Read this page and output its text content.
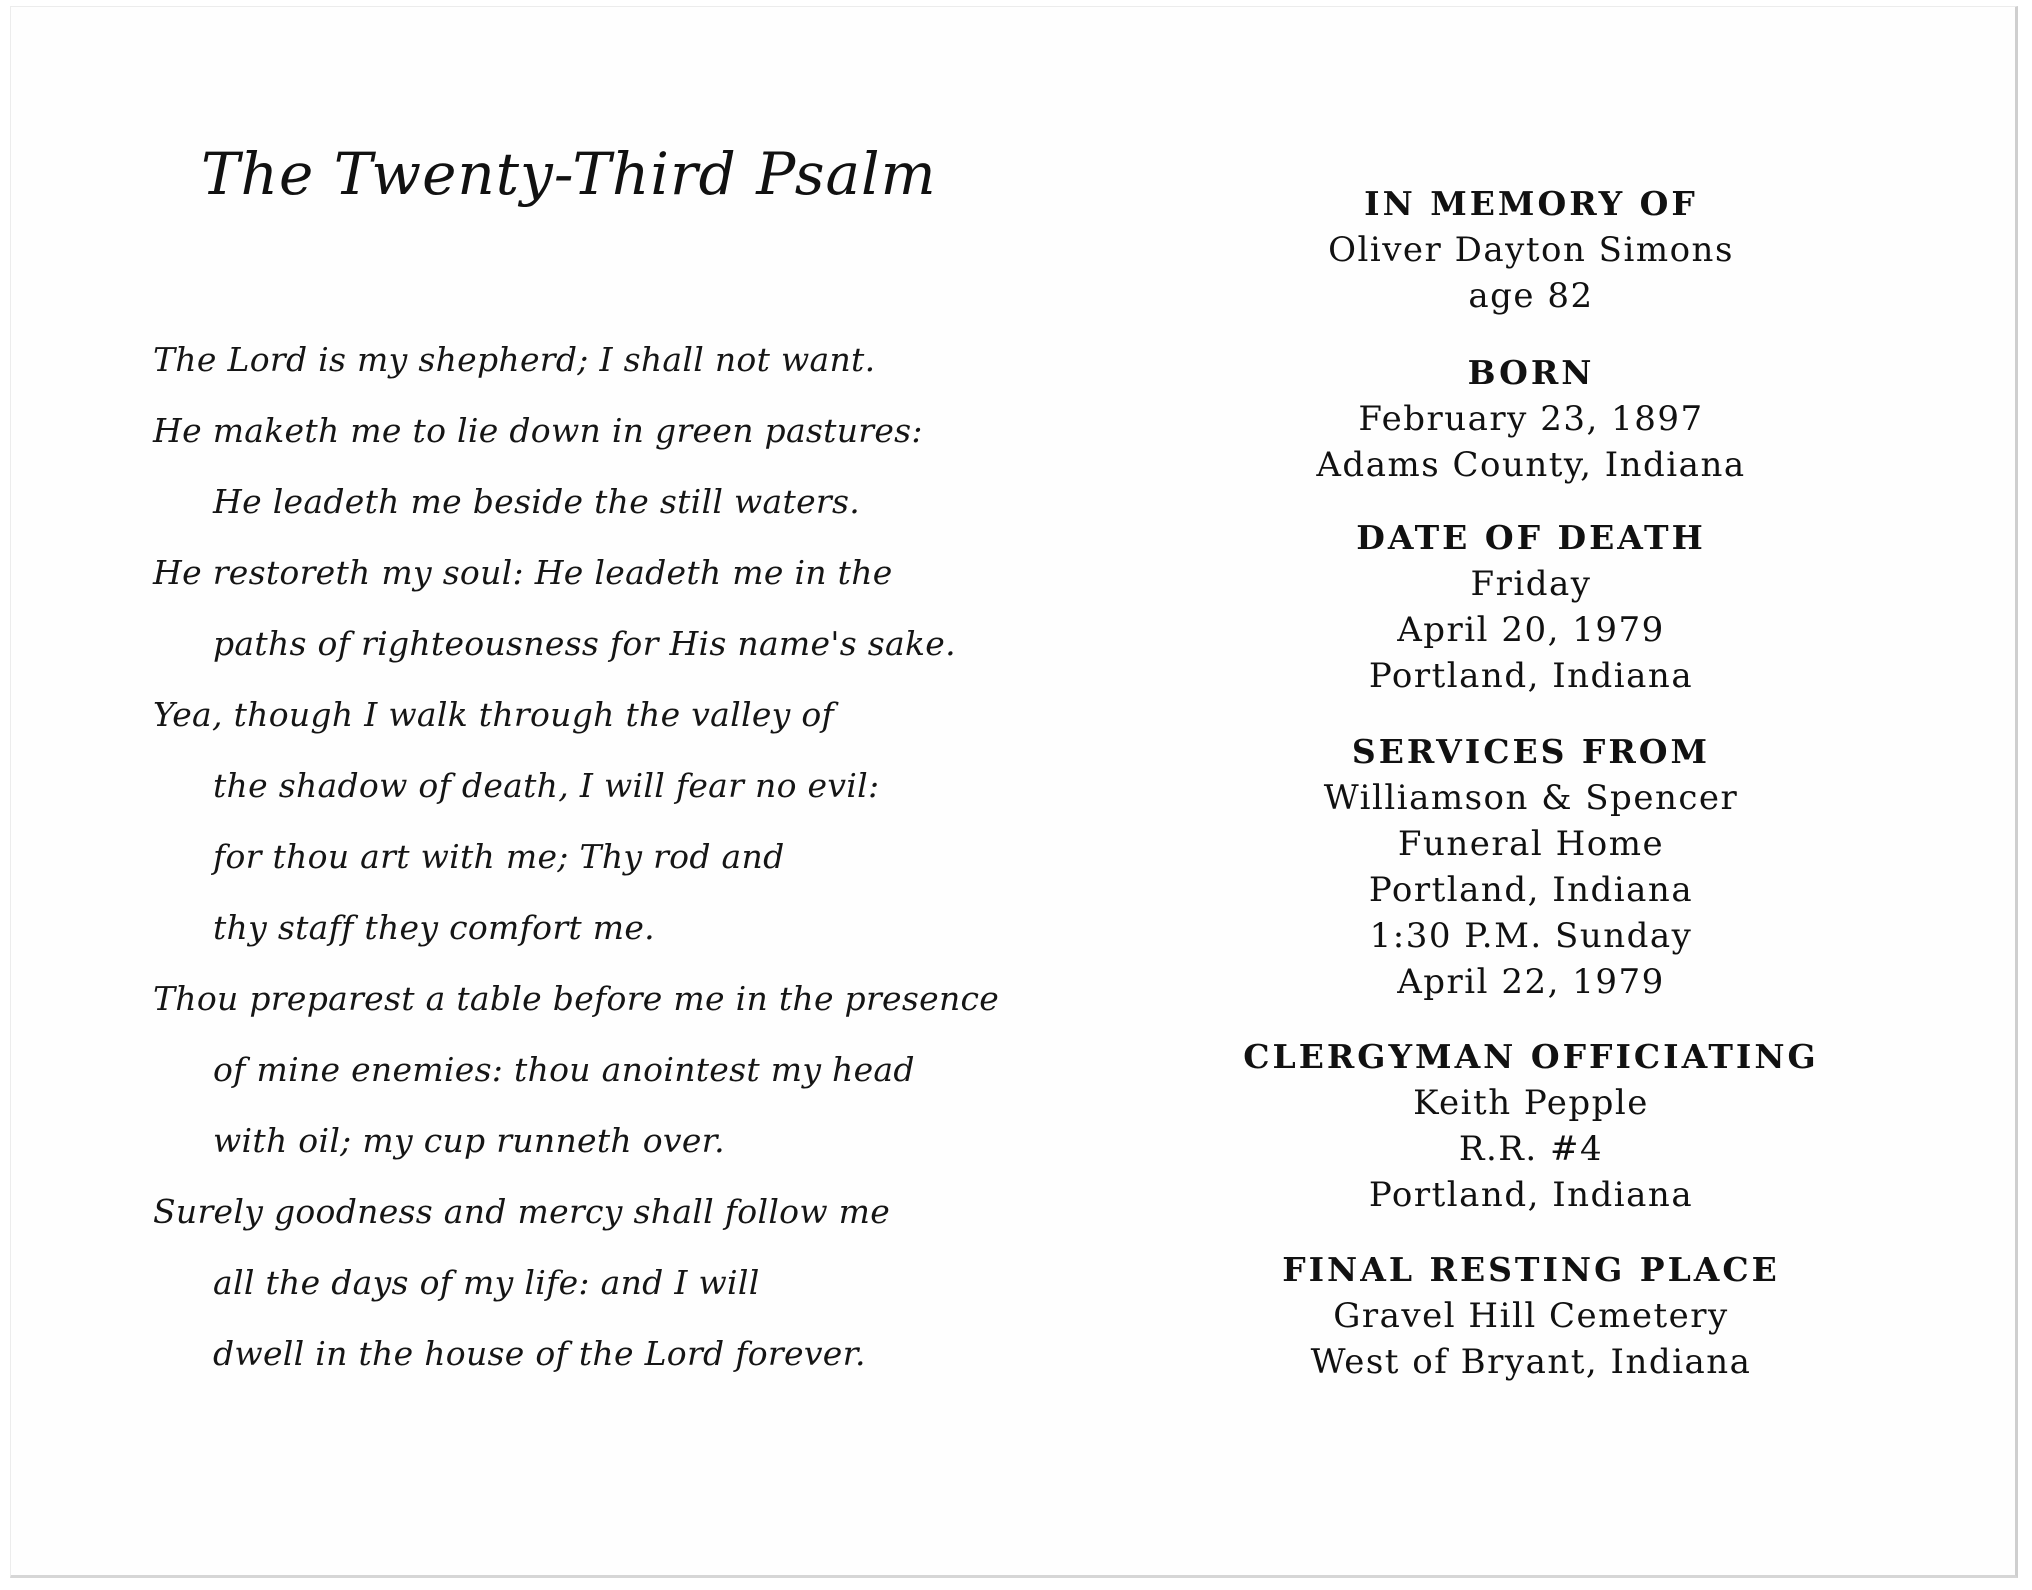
The Twenty-Third Psalm
The Lord is my shepherd; I shall not want.
He maketh me to lie down in green pastures:
He leadeth me beside the still waters.
He restoreth my soul: He leadeth me in the
paths of righteousness for His name's sake.
Yea, though I walk through the valley of
the shadow of death, I will fear no evil:
for thou art with me; Thy rod and
thy staff they comfort me.
Thou preparest a table before me in the presence
of mine enemies: thou anointest my head
with oil; my cup runneth over.
Surely goodness and mercy shall follow me
all the days of my life: and I will
dwell in the house of the Lord forever.
IN MEMORY OF
Oliver Dayton Simons
age 82
BORN
February 23, 1897
Adams County, Indiana
DATE OF DEATH
Friday
April 20, 1979
Portland, Indiana
SERVICES FROM
Williamson & Spencer
Funeral Home
Portland, Indiana
1:30 P.M. Sunday
April 22, 1979
CLERGYMAN OFFICIATING
Keith Pepple
R.R. #4
Portland, Indiana
FINAL RESTING PLACE
Gravel Hill Cemetery
West of Bryant, Indiana
